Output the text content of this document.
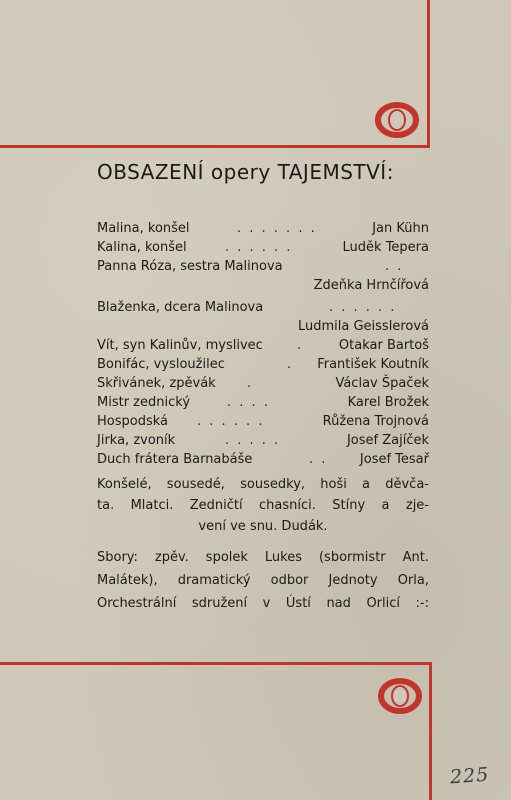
OBSAZENÍ opery TAJEMSTVÍ:
Malina, konšel	. . . . . . .	Jan Kühn
Kalina, konšel	. . . . . .	Luděk Tepera
Panna Róza, sestra Malinova	. .
Zdeňka Hrnčířová
Blaženka, dcera Malinova	. . . . . .
Ludmila Geisslerová
Vít, syn Kalinův, myslivec	.	Otakar Bartoš
Bonifác, vysloužilec	. František Koutník
Skřivánek, zpěvák .	Václav Špaček
Mistr zednický	. . . .	Karel Brožek
Hospodská . . . . . .	Růžena Trojnová
Jirka, zvoník	. . . . .	Josef Zajíček
Duch frátera Barnabáše	. .	Josef Tesař
Konšelé, sousedé, sousedky, hoši a děvča-
ta. Mlatci. Zedničtí chasníci. Stíny a zje-
vení ve snu. Dudák.
Sbory: zpěv. spolek Lukes (sbormistr Ant.
Malátek), dramatický odbor Jednoty Orla,
Orchestrální sdružení v Ústí nad Orlicí :-:
225
